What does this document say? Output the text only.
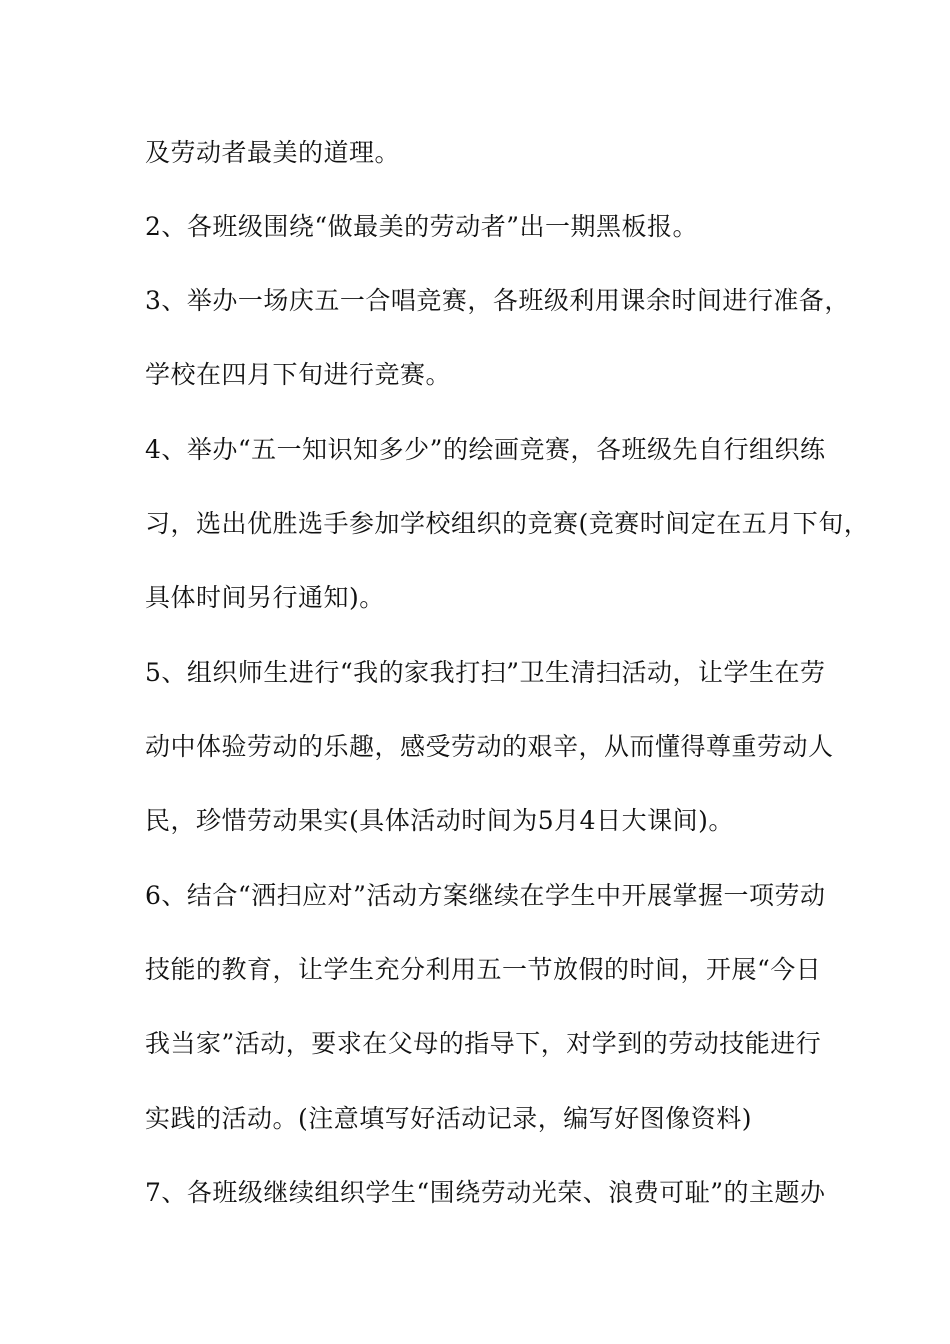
及劳动者最美的道理。
2、各班级围绕“做最美的劳动者”出一期黑板报。
3、举办一场庆五一合唱竞赛，各班级利用课余时间进行准备，
学校在四月下旬进行竞赛。
4、举办“五一知识知多少”的绘画竞赛，各班级先自行组织练
习，选出优胜选手参加学校组织的竞赛(竞赛时间定在五月下旬，
具体时间另行通知)。
5、组织师生进行“我的家我打扫”卫生清扫活动，让学生在劳
动中体验劳动的乐趣，感受劳动的艰辛，从而懂得尊重劳动人
民，珍惜劳动果实(具体活动时间为5月4日大课间)。
6、结合“洒扫应对”活动方案继续在学生中开展掌握一项劳动
技能的教育，让学生充分利用五一节放假的时间，开展“今日
我当家”活动，要求在父母的指导下，对学到的劳动技能进行
实践的活动。(注意填写好活动记录，编写好图像资料)
7、各班级继续组织学生“围绕劳动光荣、浪费可耻”的主题办
